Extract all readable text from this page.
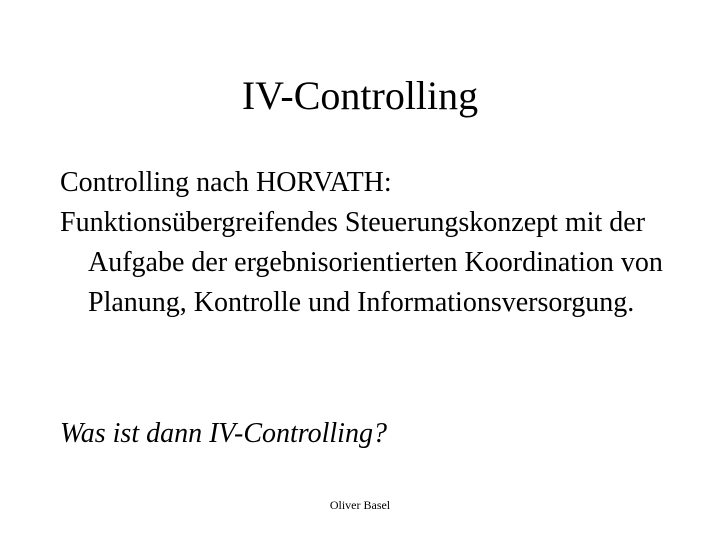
IV-Controlling

Controlling nach HORVATH:

Funktionsübergreifendes Steuerungskonzept mit der Aufgabe der ergebnisorientierten Koordination von Planung, Kontrolle und Informationsversorgung.

Was ist dann IV-Controlling?

Oliver Basel
